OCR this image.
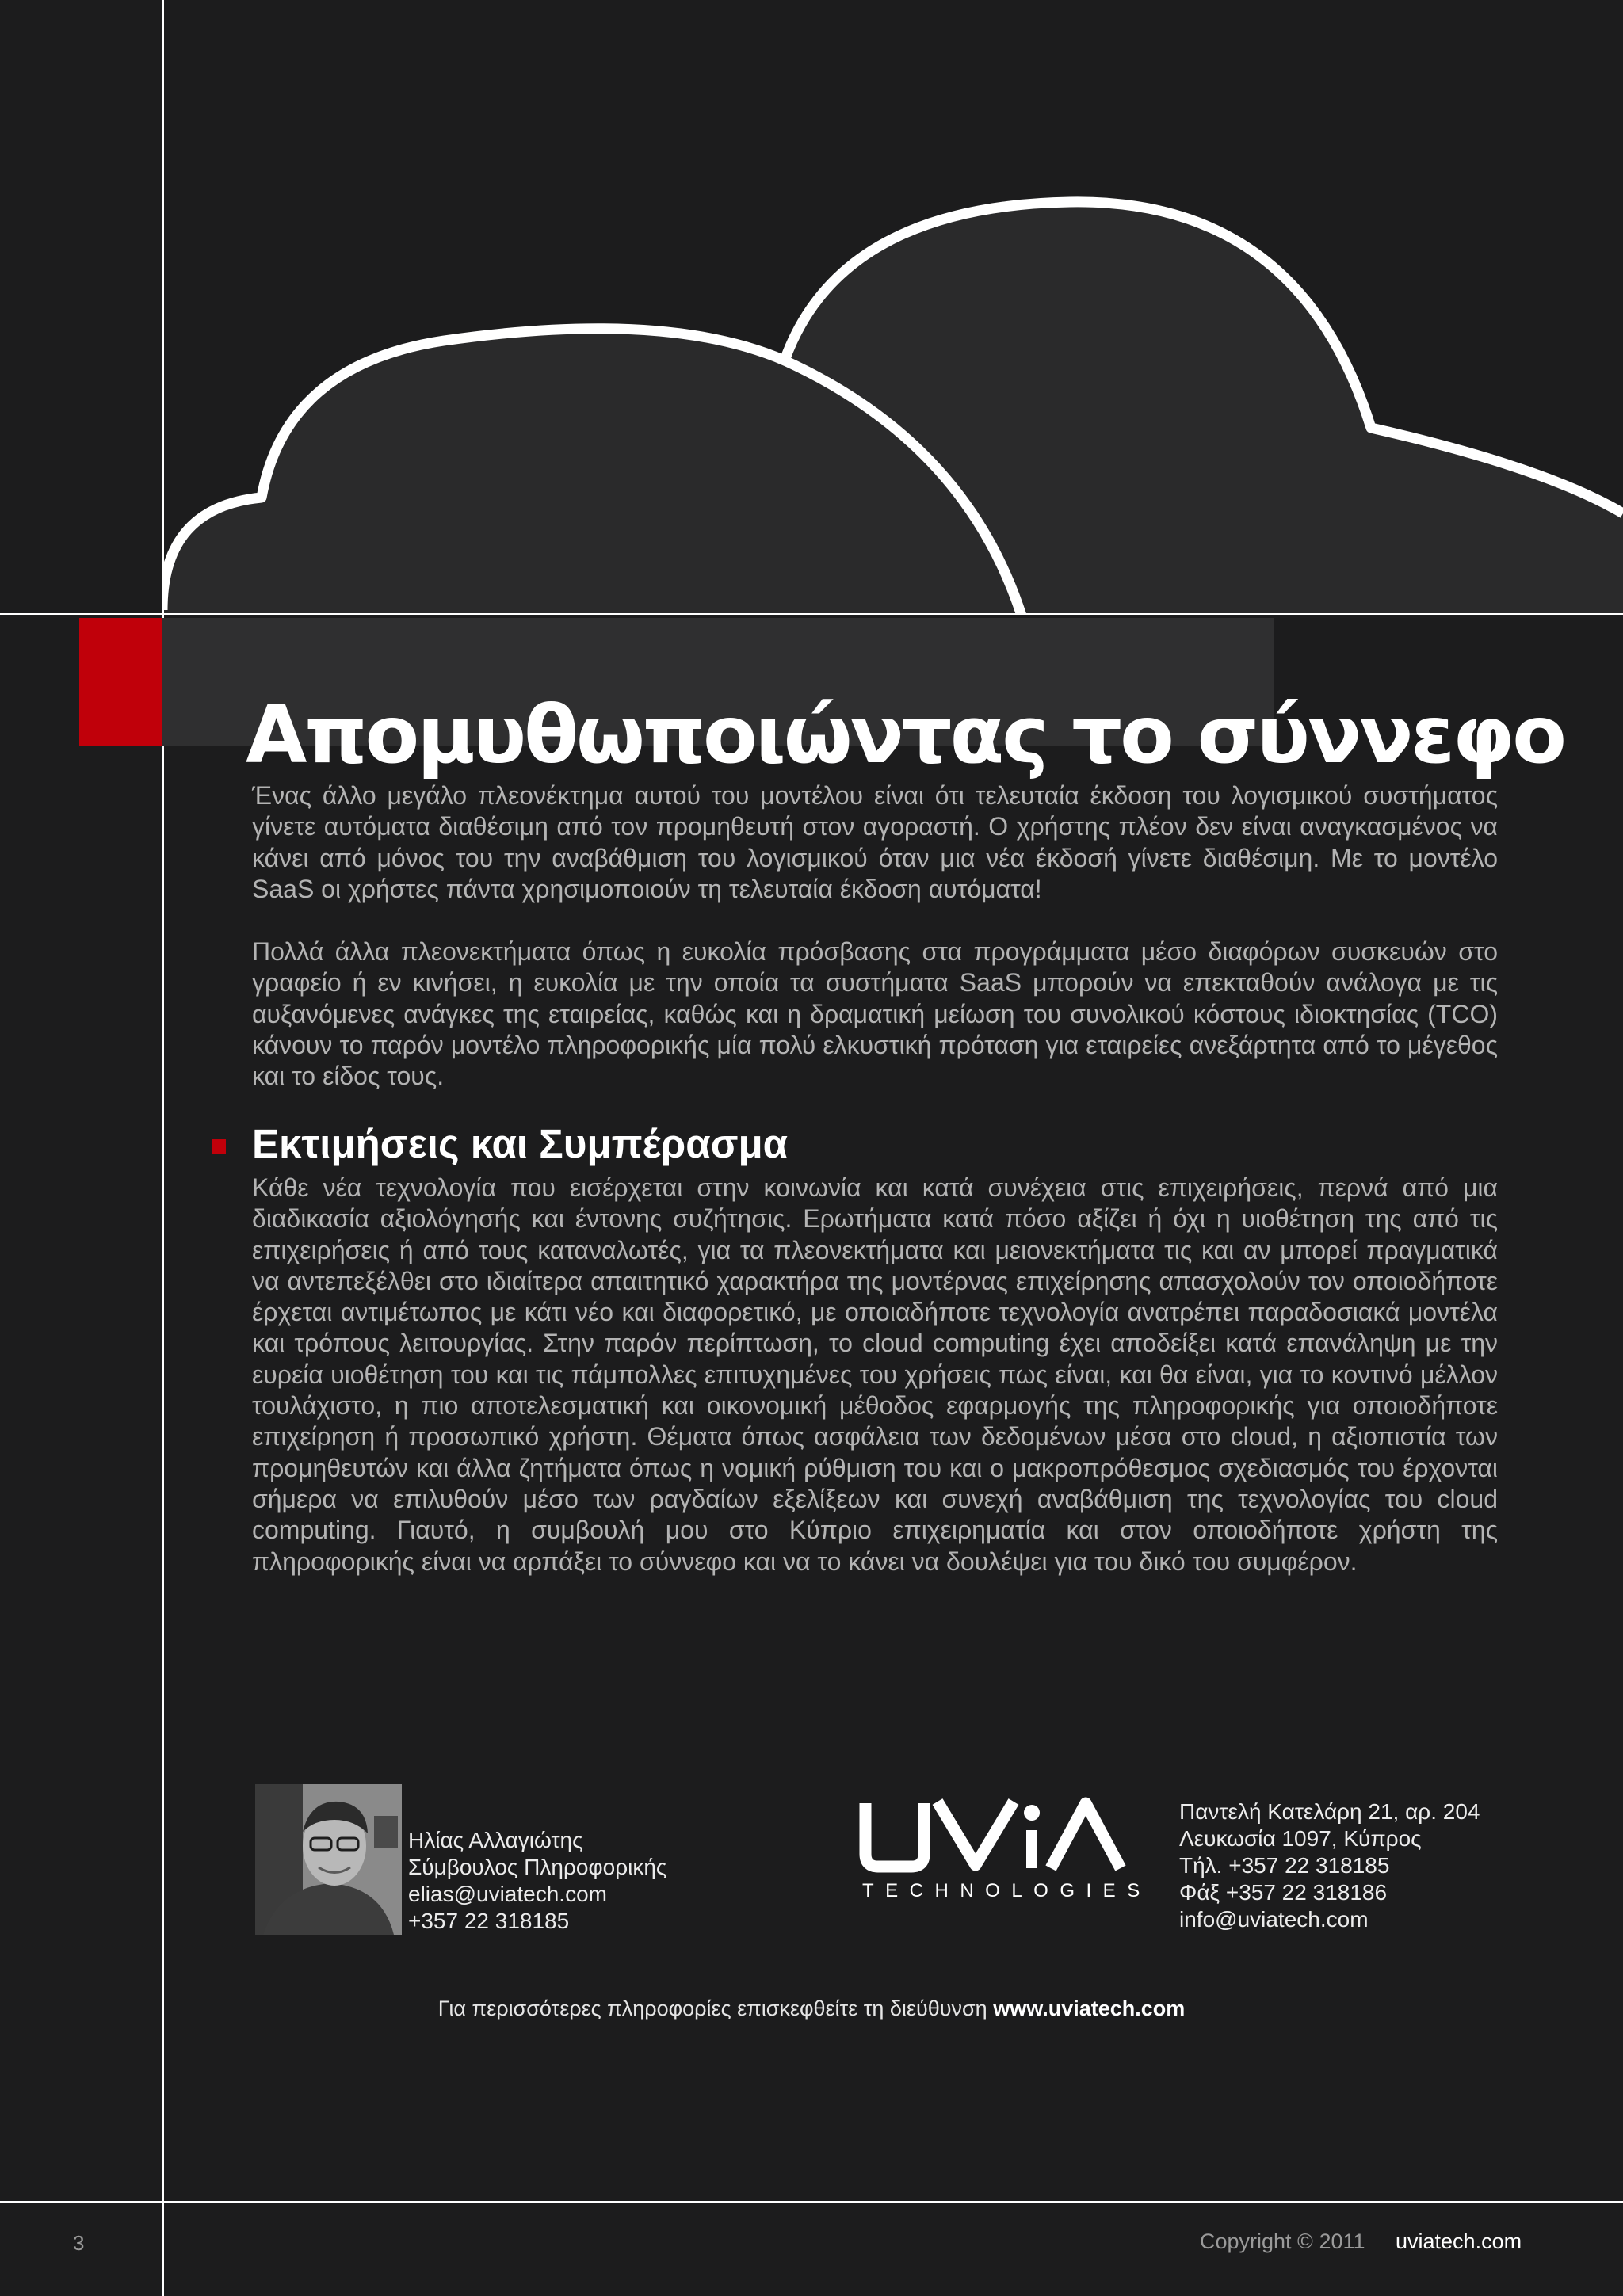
Απομυθωποιώντας το σύννεφο

Ένας άλλο μεγάλο πλεονέκτημα αυτού του μοντέλου είναι ότι τελευταία έκδοση του λογισμικού συστήματος γίνετε αυτόματα διαθέσιμη από τον προμηθευτή στον αγοραστή. Ο χρήστης πλέον δεν είναι αναγκασμένος να κάνει από μόνος του την αναβάθμιση του λογισμικού όταν μια νέα έκδοσή γίνετε διαθέσιμη. Με το μοντέλο SaaS οι χρήστες πάντα χρησιμοποιούν τη τελευταία έκδοση αυτόματα!

Πολλά άλλα πλεονεκτήματα όπως η ευκολία πρόσβασης στα προγράμματα μέσο διαφόρων συσκευών στο γραφείο ή εν κινήσει, η ευκολία με την οποία τα συστήματα SaaS μπορούν να επεκταθούν ανάλογα με τις αυξανόμενες ανάγκες της εταιρείας, καθώς και η δραματική μείωση του συνολικού κόστους ιδιοκτησίας (TCO) κάνουν το παρόν μοντέλο πληροφορικής μία πολύ ελκυστική πρόταση για εταιρείες ανεξάρτητα από το μέγεθος και το είδος τους.

Εκτιμήσεις και Συμπέρασμα

Κάθε νέα τεχνολογία που εισέρχεται στην κοινωνία και κατά συνέχεια στις επιχειρήσεις, περνά από μια διαδικασία αξιολόγησής και έντονης συζήτησις. Ερωτήματα κατά πόσο αξίζει ή όχι η υιοθέτηση της από τις επιχειρήσεις ή από τους καταναλωτές, για τα πλεονεκτήματα και μειονεκτήματα τις και αν μπορεί πραγματικά να αντεπεξέλθει στο ιδιαίτερα απαιτητικό χαρακτήρα της μοντέρνας επιχείρησης απασχολούν τον οποιοδήποτε έρχεται αντιμέτωπος με κάτι νέο και διαφορετικό, με οποιαδήποτε τεχνολογία ανατρέπει παραδοσιακά μοντέλα και τρόπους λειτουργίας. Στην παρόν περίπτωση, το cloud computing έχει αποδείξει κατά επανάληψη με την ευρεία υιοθέτηση του και τις πάμπολλες επιτυχημένες του χρήσεις πως είναι, και θα είναι, για το κοντινό μέλλον τουλάχιστο, η πιο αποτελεσματική και οικονομική μέθοδος εφαρμογής της πληροφορικής για οποιοδήποτε επιχείρηση ή προσωπικό χρήστη. Θέματα όπως ασφάλεια των δεδομένων μέσα στο cloud, η αξιοπιστία των προμηθευτών και άλλα ζητήματα όπως η νομική ρύθμιση του και ο μακροπρόθεσμος σχεδιασμός του έρχονται σήμερα να επιλυθούν μέσο των ραγδαίων εξελίξεων και συνεχή αναβάθμιση της τεχνολογίας του cloud computing. Γιαυτό, η συμβουλή μου στο Κύπριο επιχειρηματία και στον οποιοδήποτε χρήστη της πληροφορικής είναι να αρπάξει το σύννεφο και να το κάνει να δουλέψει για του δικό του συμφέρον.

Ηλίας Αλλαγιώτης
Σύμβουλος Πληροφορικής
elias@uviatech.com
+357 22 318185
TECHNOLOGIES
Παντελή Κατελάρη 21, αρ. 204
Λευκωσία 1097, Κύπρος
Τήλ. +357 22 318185
Φάξ +357 22 318186
info@uviatech.com
Για περισσότερες πληροφορίες επισκεφθείτε τη διεύθυνση www.uviatech.com
3	Copyright © 2011 uviatech.com
